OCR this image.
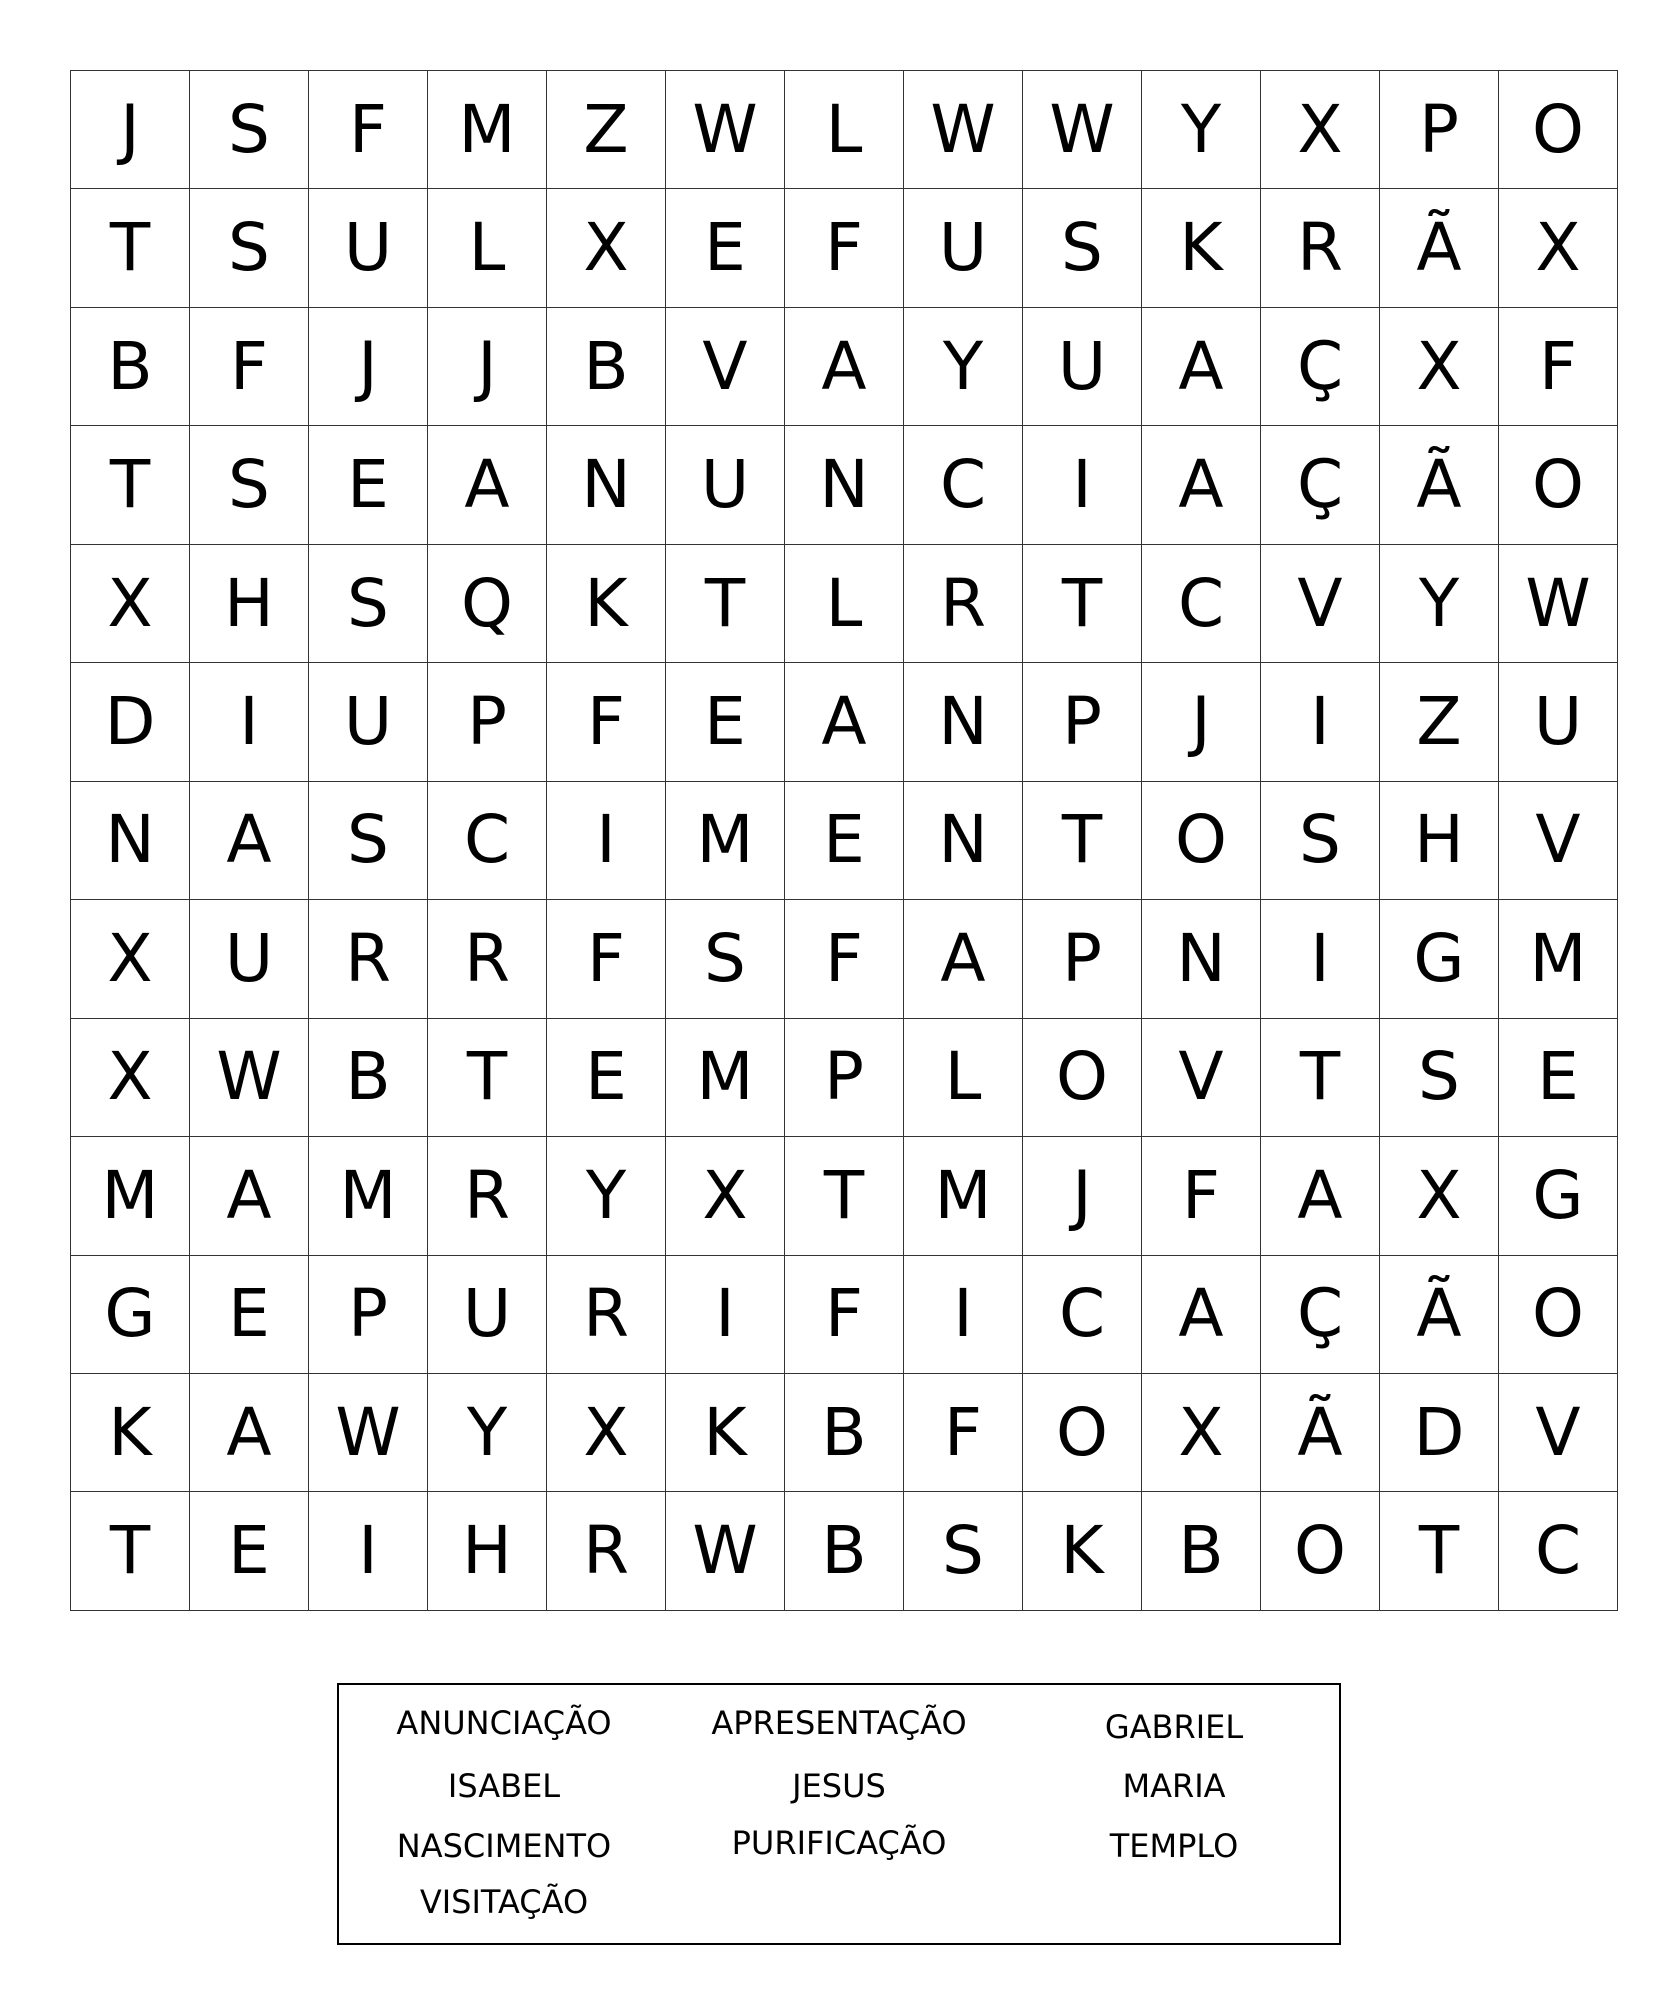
J	S	F	M	Z	W	L	W	W	Y	X	P	O
T	S	U	L	X	E	F	U	S	K	R	Ã	X
B	F	J	J	B	V	A	Y	U	A	Ç	X	F
T	S	E	A	N	U	N	C	I	A	Ç	Ã	O
X	H	S	Q	K	T	L	R	T	C	V	Y	W
D	I	U	P	F	E	A	N	P	J	I	Z	U
N	A	S	C	I	M	E	N	T	O	S	H	V
X	U	R	R	F	S	F	A	P	N	I	G	M
X	W	B	T	E	M	P	L	O	V	T	S	E
M	A	M	R	Y	X	T	M	J	F	A	X	G
G	E	P	U	R	I	F	I	C	A	Ç	Ã	O
K	A	W	Y	X	K	B	F	O	X	Ã	D	V
T	E	I	H	R	W	B	S	K	B	O	T	C
ANUNCIAÇÃO	APRESENTAÇÃO	GABRIEL
ISABEL	JESUS	MARIA
NASCIMENTO	PURIFICAÇÃO	TEMPLO
VISITAÇÃO
